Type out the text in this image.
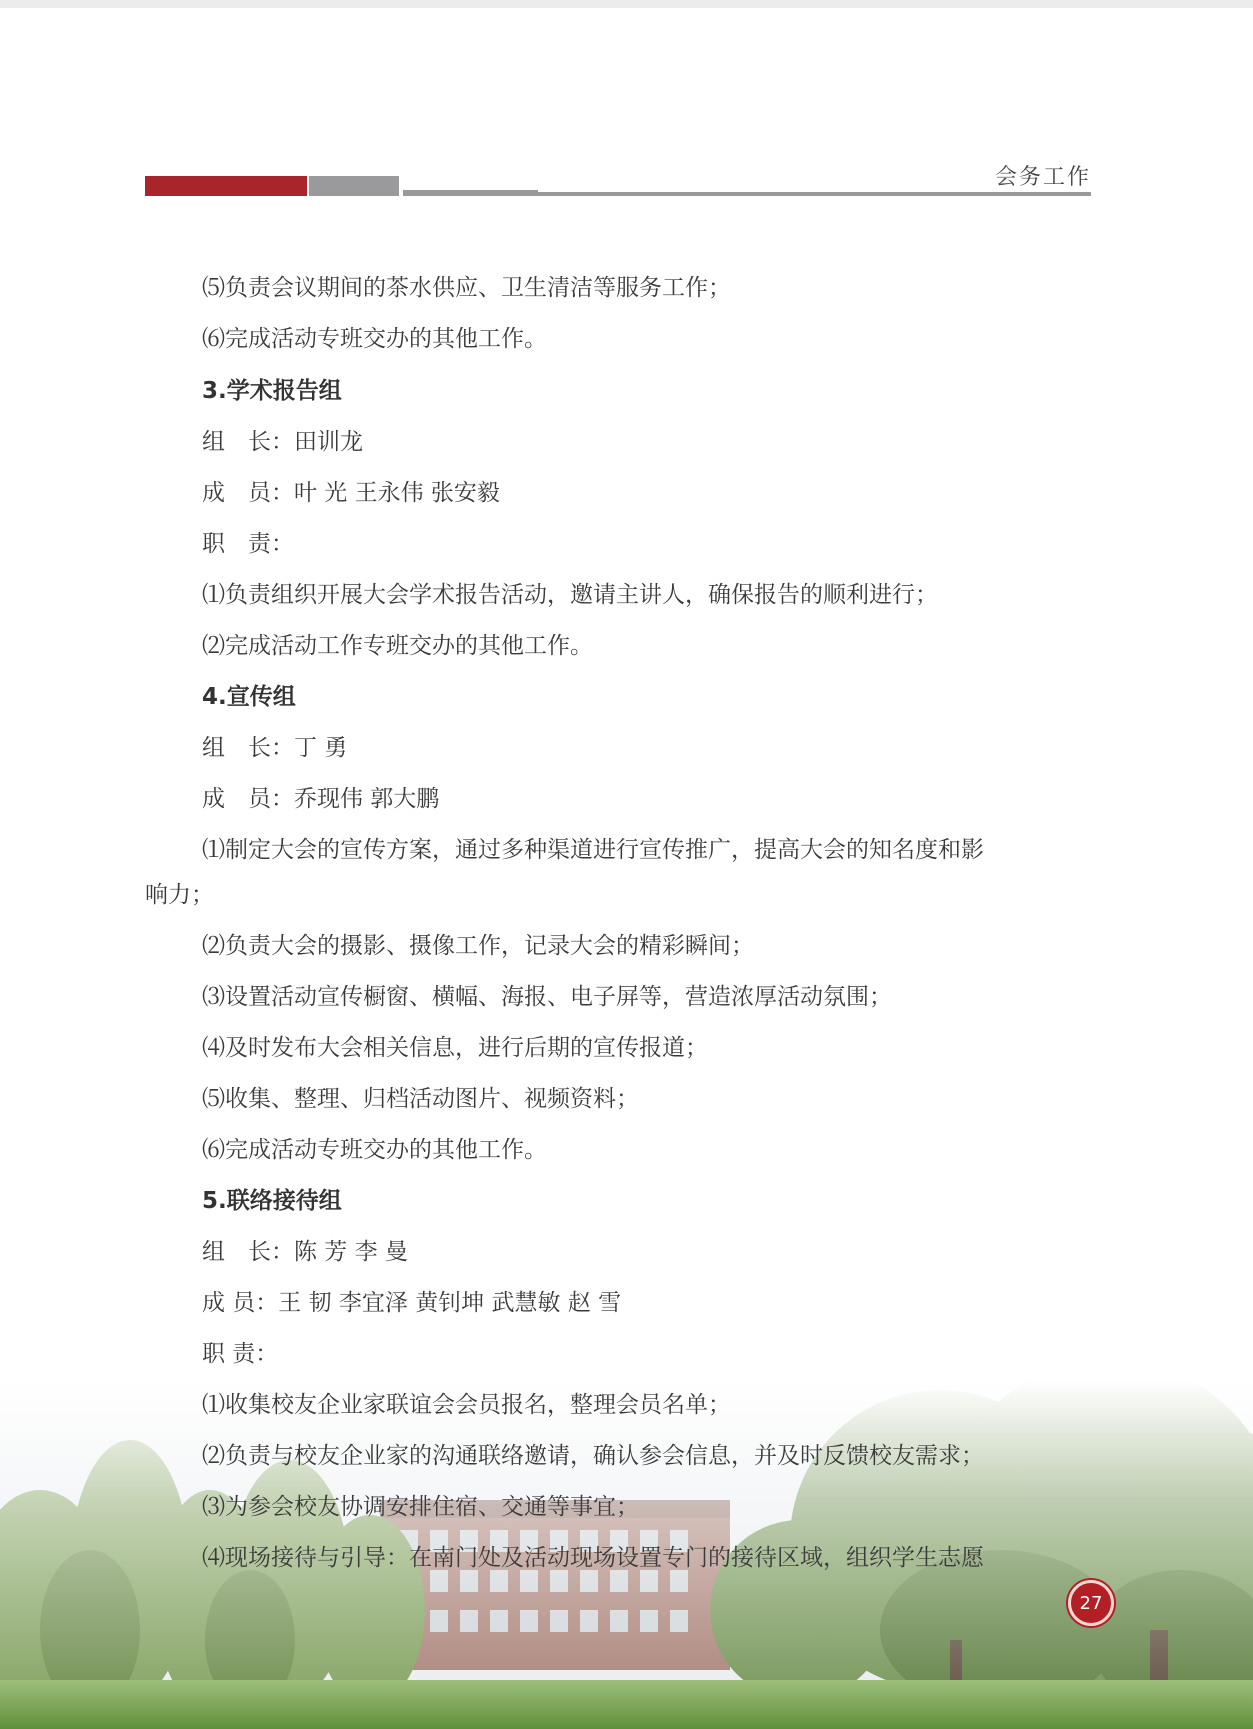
会务工作
⑸负责会议期间的茶水供应、卫生清洁等服务工作；
⑹完成活动专班交办的其他工作。
3.学术报告组
组　长：田训龙
成　员：叶 光 王永伟 张安毅
职　责：
⑴负责组织开展大会学术报告活动，邀请主讲人，确保报告的顺利进行；
⑵完成活动工作专班交办的其他工作。
4.宣传组
组　长：丁 勇
成　员：乔现伟 郭大鹏
⑴制定大会的宣传方案，通过多种渠道进行宣传推广，提高大会的知名度和影
响力；
⑵负责大会的摄影、摄像工作，记录大会的精彩瞬间；
⑶设置活动宣传橱窗、横幅、海报、电子屏等，营造浓厚活动氛围；
⑷及时发布大会相关信息，进行后期的宣传报道；
⑸收集、整理、归档活动图片、视频资料；
⑹完成活动专班交办的其他工作。
5.联络接待组
组　长：陈 芳 李 曼
成 员：王 韧 李宜泽 黄钊坤 武慧敏 赵 雪
职 责：
⑴收集校友企业家联谊会会员报名，整理会员名单；
⑵负责与校友企业家的沟通联络邀请，确认参会信息，并及时反馈校友需求；
⑶为参会校友协调安排住宿、交通等事宜；
⑷现场接待与引导：在南门处及活动现场设置专门的接待区域，组织学生志愿
27
